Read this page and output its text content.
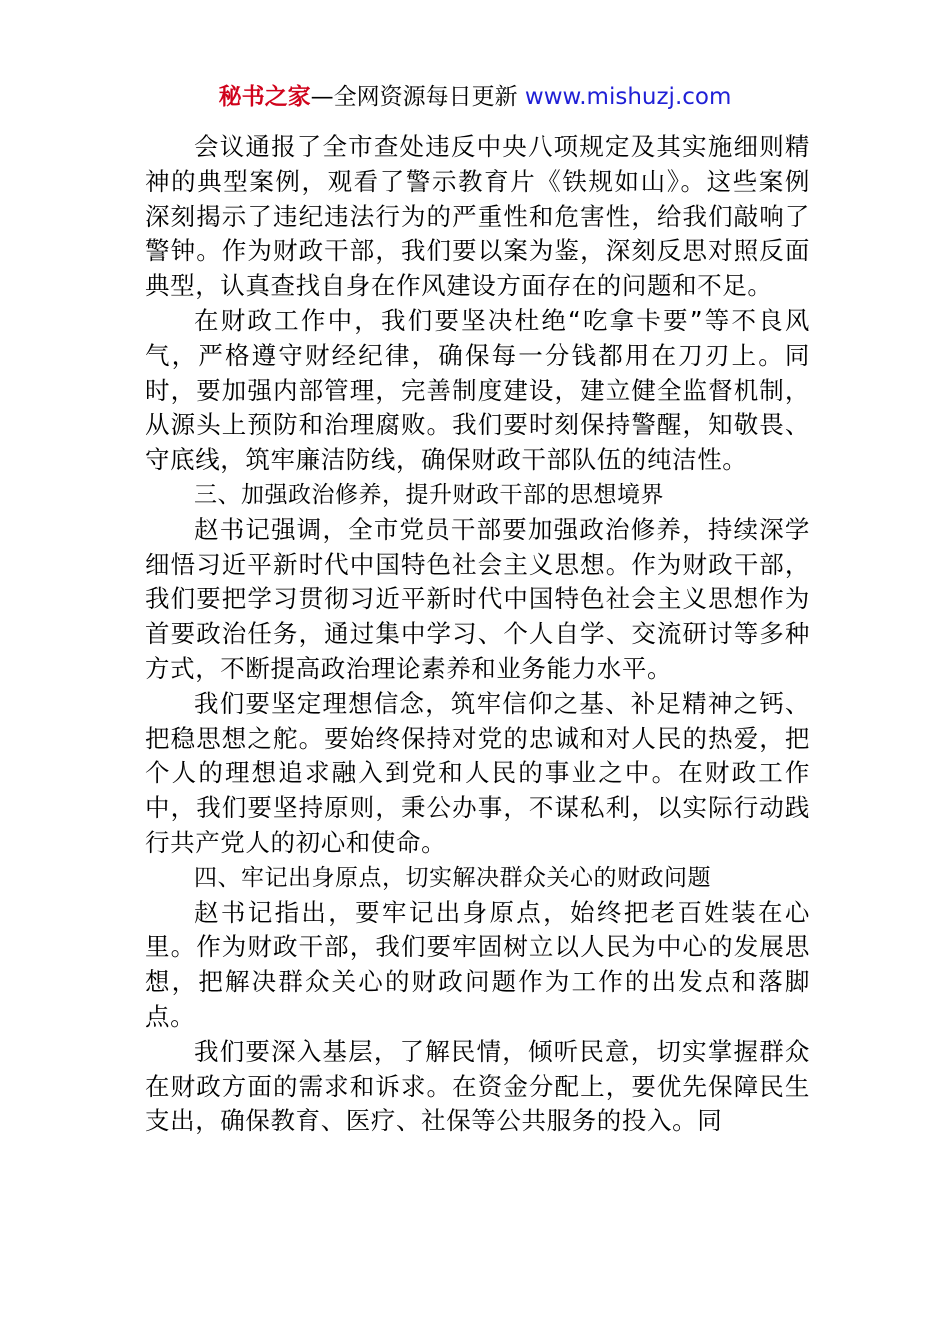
秘书之家—全网资源每日更新 www.mishuzj.com

会议通报了全市查处违反中央八项规定及其实施细则精神的典型案例，观看了警示教育片《铁规如山》。这些案例深刻揭示了违纪违法行为的严重性和危害性，给我们敲响了警钟。作为财政干部，我们要以案为鉴，深刻反思对照反面典型，认真查找自身在作风建设方面存在的问题和不足。

在财政工作中，我们要坚决杜绝“吃拿卡要”等不良风气，严格遵守财经纪律，确保每一分钱都用在刀刃上。同时，要加强内部管理，完善制度建设，建立健全监督机制，从源头上预防和治理腐败。我们要时刻保持警醒，知敬畏、守底线，筑牢廉洁防线，确保财政干部队伍的纯洁性。

三、加强政治修养，提升财政干部的思想境界

赵书记强调，全市党员干部要加强政治修养，持续深学细悟习近平新时代中国特色社会主义思想。作为财政干部，我们要把学习贯彻习近平新时代中国特色社会主义思想作为首要政治任务，通过集中学习、个人自学、交流研讨等多种方式，不断提高政治理论素养和业务能力水平。

我们要坚定理想信念，筑牢信仰之基、补足精神之钙、把稳思想之舵。要始终保持对党的忠诚和对人民的热爱，把个人的理想追求融入到党和人民的事业之中。在财政工作中，我们要坚持原则，秉公办事，不谋私利，以实际行动践行共产党人的初心和使命。

四、牢记出身原点，切实解决群众关心的财政问题

赵书记指出，要牢记出身原点，始终把老百姓装在心里。作为财政干部，我们要牢固树立以人民为中心的发展思想，把解决群众关心的财政问题作为工作的出发点和落脚点。

我们要深入基层，了解民情，倾听民意，切实掌握群众在财政方面的需求和诉求。在资金分配上，要优先保障民生支出，确保教育、医疗、社保等公共服务的投入。同
